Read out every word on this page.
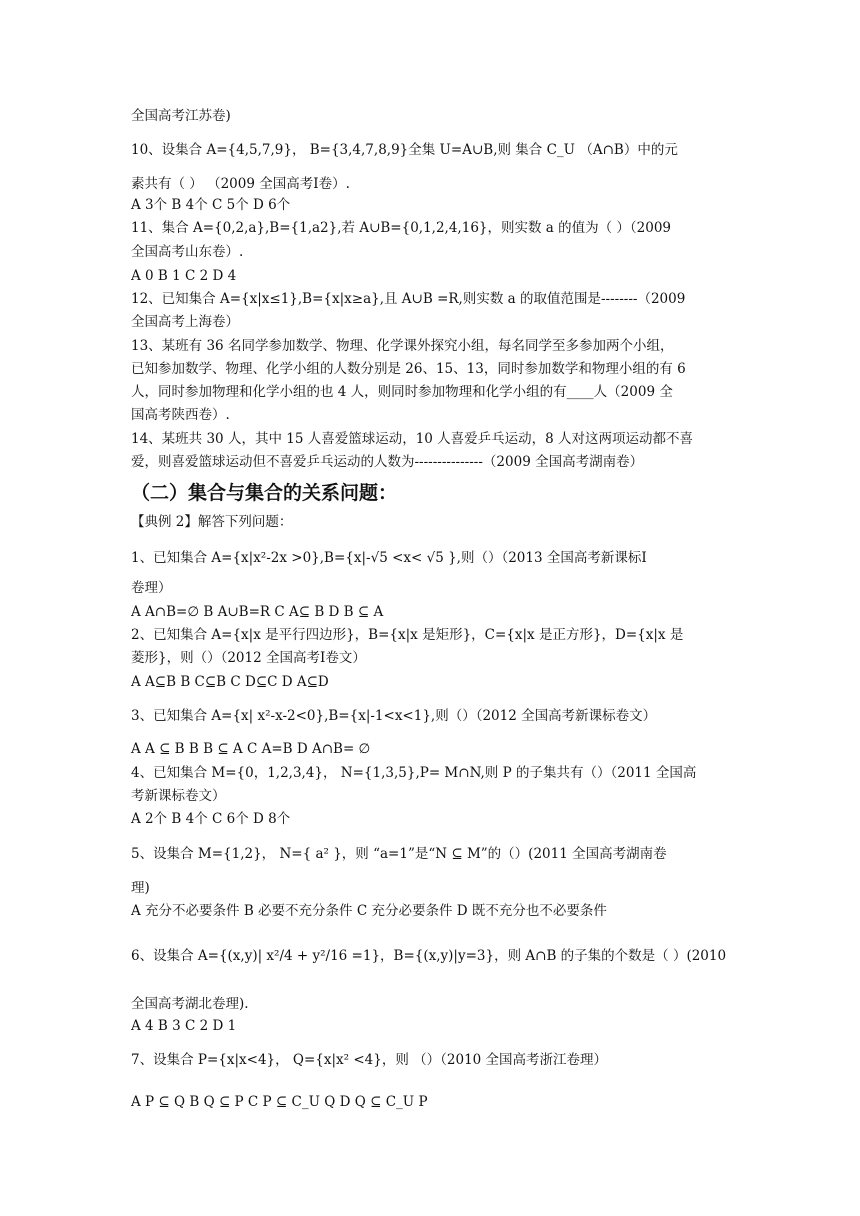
全国高考江苏卷)
10、设集合 A={4,5,7,9}， B={3,4,7,8,9}全集 U=A∪B,则 集合 C_U （A∩B）中的元
素共有（ ） （2009 全国高考Ⅰ卷）.
A 3个 B 4个 C 5个 D 6个
11、集合 A={0,2,a},B={1,a2},若 A∪B={0,1,2,4,16}，则实数 a 的值为（ ）（2009
全国高考山东卷）.
A 0 B 1 C 2 D 4
12、已知集合 A={x|x≤1},B={x|x≥a},且 A∪B =R,则实数 a 的取值范围是--------（2009
全国高考上海卷）
13、某班有 36 名同学参加数学、物理、化学课外探究小组，每名同学至多参加两个小组，
已知参加数学、物理、化学小组的人数分别是 26、15、13，同时参加数学和物理小组的有 6
人，同时参加物理和化学小组的也 4 人，则同时参加物理和化学小组的有____人（2009 全
国高考陕西卷）.
14、某班共 30 人，其中 15 人喜爱篮球运动，10 人喜爱乒乓运动，8 人对这两项运动都不喜
爱，则喜爱篮球运动但不喜爱乒乓运动的人数为---------------（2009 全国高考湖南卷）
（二）集合与集合的关系问题：
【典例 2】解答下列问题：
1、已知集合 A={x|x²-2x >0},B={x|-√5 <x< √5 },则（）（2013 全国高考新课标Ⅰ
卷理）
A A∩B=∅ B A∪B=R C A⊆ B D B ⊆ A
2、已知集合 A={x|x 是平行四边形}，B={x|x 是矩形}，C={x|x 是正方形}，D={x|x 是
菱形}，则（）（2012 全国高考Ⅰ卷文）
A A⊆B B C⊆B C D⊆C D A⊆D
3、已知集合 A={x| x²-x-2<0},B={x|-1<x<1},则（）（2012 全国高考新课标卷文）
A A ⊆ B B B ⊆ A C A=B D A∩B= ∅
4、已知集合 M={0，1,2,3,4}， N={1,3,5},P= M∩N,则 P 的子集共有（）（2011 全国高
考新课标卷文）
A 2个 B 4个 C 6个 D 8个
5、设集合 M={1,2}， N={ a² }，则 “a=1”是“N ⊆ M”的（）(2011 全国高考湖南卷
理)
A 充分不必要条件 B 必要不充分条件 C 充分必要条件 D 既不充分也不必要条件
6、设集合 A={(x,y)| x²/4 + y²/16 =1}，B={(x,y)|y=3}，则 A∩B 的子集的个数是（ ）(2010
全国高考湖北卷理).
A 4 B 3 C 2 D 1
7、设集合 P={x|x<4}， Q={x|x² <4}，则 （）（2010 全国高考浙江卷理）
A P ⊆ Q B Q ⊆ P C P ⊆ C_U Q D Q ⊆ C_U P
